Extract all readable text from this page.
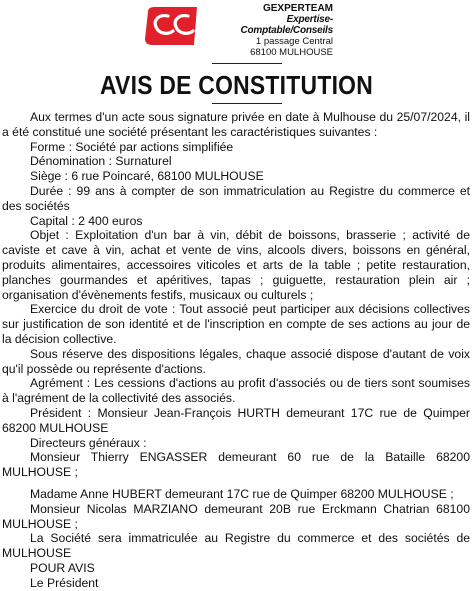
GEXPERTEAM
Expertise-Comptable/Conseils
1 passage Central
68100 MULHOUSE
AVIS DE CONSTITUTION

Aux termes d'un acte sous signature privée en date à Mulhouse du 25/07/2024, il a été constitué une société présentant les caractéristiques suivantes :

Forme : Société par actions simplifiée

Dénomination : Surnaturel

Siège : 6 rue Poincaré, 68100 MULHOUSE

Durée : 99 ans à compter de son immatriculation au Registre du commerce et des sociétés

Capital : 2 400 euros

Objet : Exploitation d'un bar à vin, débit de boissons, brasserie ; activité de caviste et cave à vin, achat et vente de vins, alcools divers, boissons en général, produits alimentaires, accessoires viticoles et arts de la table ; petite restauration, planches gourmandes et apéritives, tapas ; guiguette, restauration plein air ; organisation d'évènements festifs, musicaux ou culturels ;

Exercice du droit de vote : Tout associé peut participer aux décisions collectives sur justification de son identité et de l'inscription en compte de ses actions au jour de la décision collective.

Sous réserve des dispositions légales, chaque associé dispose d'autant de voix qu'il possède ou représente d'actions.

Agrément : Les cessions d'actions au profit d'associés ou de tiers sont soumises à l'agrément de la collectivité des associés.

Président : Monsieur Jean-François HURTH demeurant 17C rue de Quimper 68200 MULHOUSE

Directeurs généraux :

Monsieur Thierry ENGASSER demeurant 60 rue de la Bataille 68200 MULHOUSE ;

Madame Anne HUBERT demeurant 17C rue de Quimper 68200 MULHOUSE ;

Monsieur Nicolas MARZIANO demeurant 20B rue Erckmann Chatrian 68100 MULHOUSE ;

La Société sera immatriculée au Registre du commerce et des sociétés de MULHOUSE

POUR AVIS

Le Président
